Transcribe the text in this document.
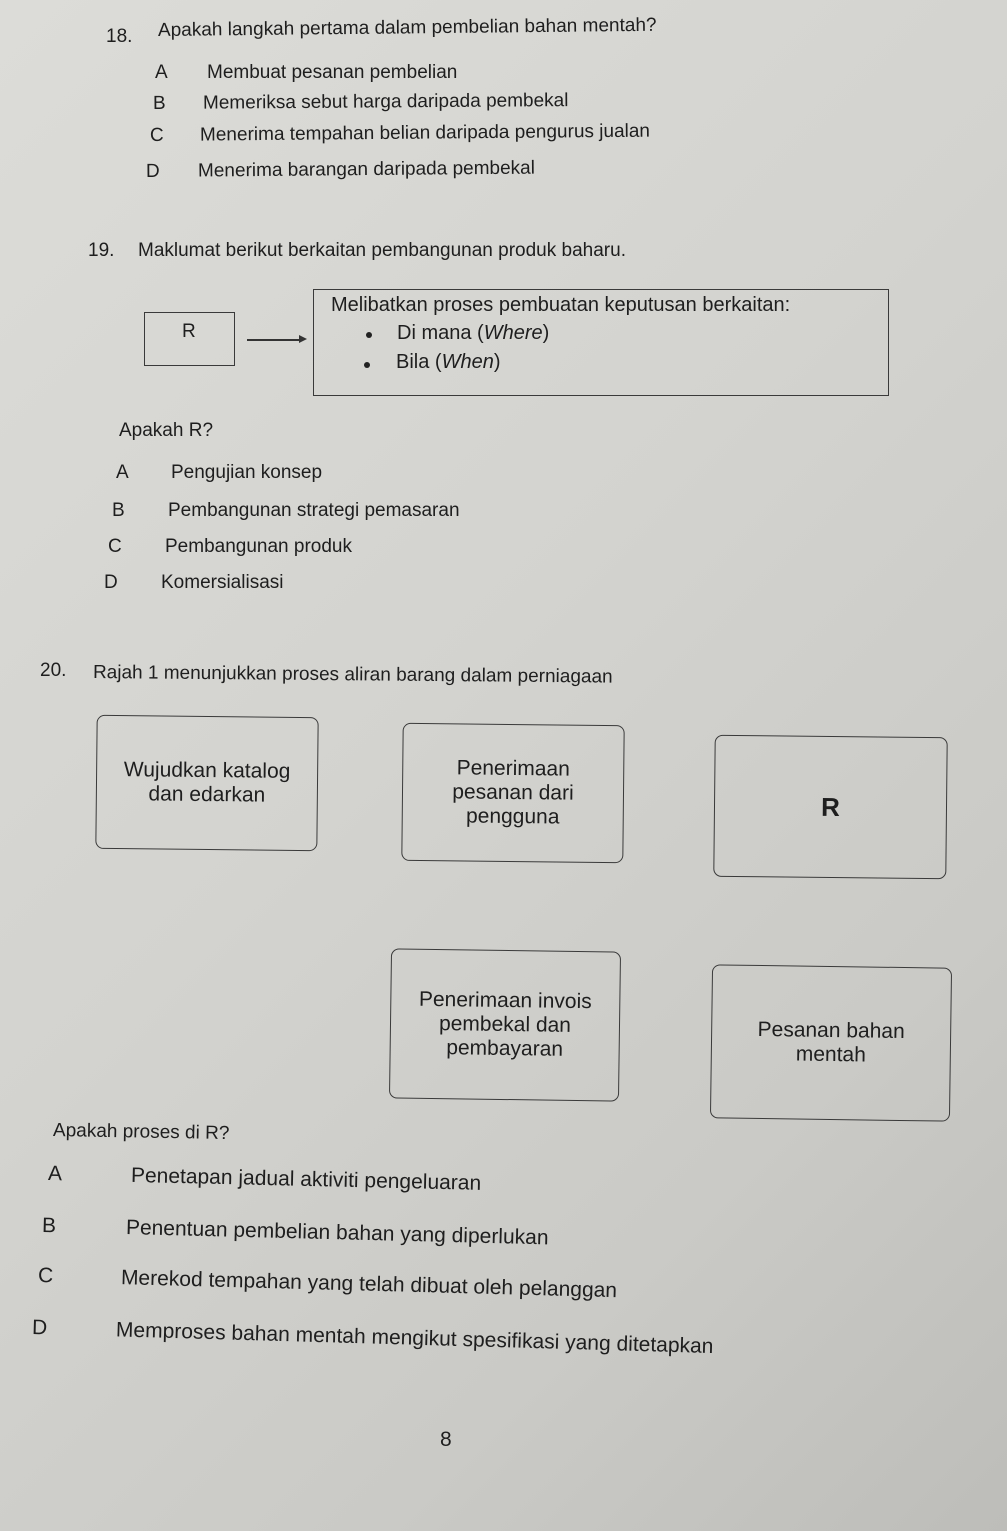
18. Apakah langkah pertama dalam pembelian bahan mentah?
A Membuat pesanan pembelian
B Memeriksa sebut harga daripada pembekal
C Menerima tempahan belian daripada pengurus jualan
D Menerima barangan daripada pembekal
19. Maklumat berikut berkaitan pembangunan produk baharu.
R
Melibatkan proses pembuatan keputusan berkaitan:
Di mana (Where)
Bila (When)
Apakah R?
A Pengujian konsep
B Pembangunan strategi pemasaran
C Pembangunan produk
D Komersialisasi
20. Rajah 1 menunjukkan proses aliran barang dalam perniagaan
Wujudkan katalog
dan edarkan
Penerimaan
pesanan dari
pengguna	R
Penerimaan invois
pembekal dan
pembayaran
Pesanan bahan
mentah
Apakah proses di R?
A	Penetapan jadual aktiviti pengeluaran
B	Penentuan pembelian bahan yang diperlukan
C	Merekod tempahan yang telah dibuat oleh pelanggan
D	Memproses bahan mentah mengikut spesifikasi yang ditetapkan
8
